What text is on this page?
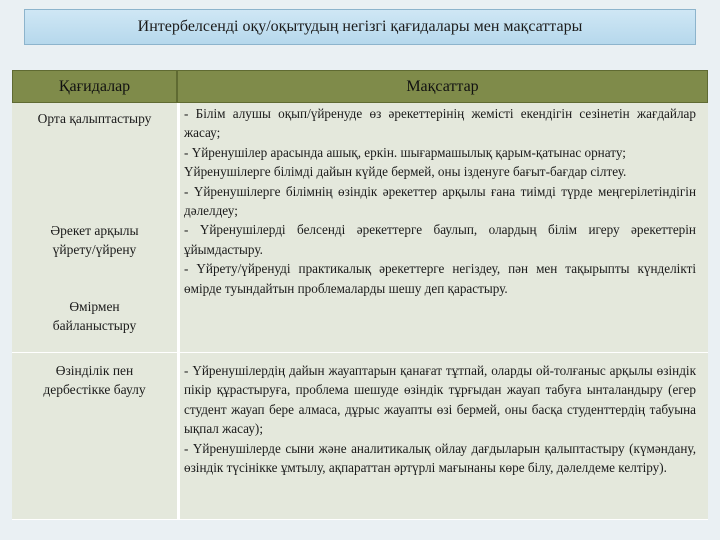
Интербелсенді оқу/оқытудың негізгі қағидалары мен мақсаттары
Қағидалар	Мақсаттар
Орта қалыптастыру
Әрекет арқылы
үйрету/үйрену
Өмірмен
байланыстыру
- Білім алушы оқып/үйренуде өз әрекеттерінің жемісті екендігін сезінетін жағдайлар жасау;
- Үйренушілер арасында ашық, еркін. шығармашылық қарым-қатынас орнату;
Үйренушілерге білімді дайын күйде бермей, оны ізденуге бағыт-бағдар сілтеу.
- Үйренушілерге білімнің өзіндік әрекеттер арқылы ғана тиімді түрде меңгерілетіндігін дәлелдеу;
- Үйренушілерді белсенді әрекеттерге баулып, олардың білім игеру әрекеттерін ұйымдастыру.
- Үйрету/үйренуді практикалық әрекеттерге негіздеу, пән мен тақырыпты күнделікті өмірде туындайтын проблемаларды шешу деп қарастыру.
Өзінділік пен
дербестікке баулу
- Үйренушілердің дайын жауаптарын қанағат тұтпай, оларды ой-толғаныс арқылы өзіндік пікір құрастыруға, проблема шешуде өзіндік тұрғыдан жауап табуға ынталандыру (егер студент жауап бере алмаса, дұрыс жауапты өзі бермей, оны басқа студенттердің табуына ықпал жасау);
- Үйренушілерде сыни және аналитикалық ойлау дағдыларын қалыптастыру (күмәндану, өзіндік түсінікке ұмтылу, ақпараттан әртүрлі мағынаны көре білу, дәлелдеме келтіру).
